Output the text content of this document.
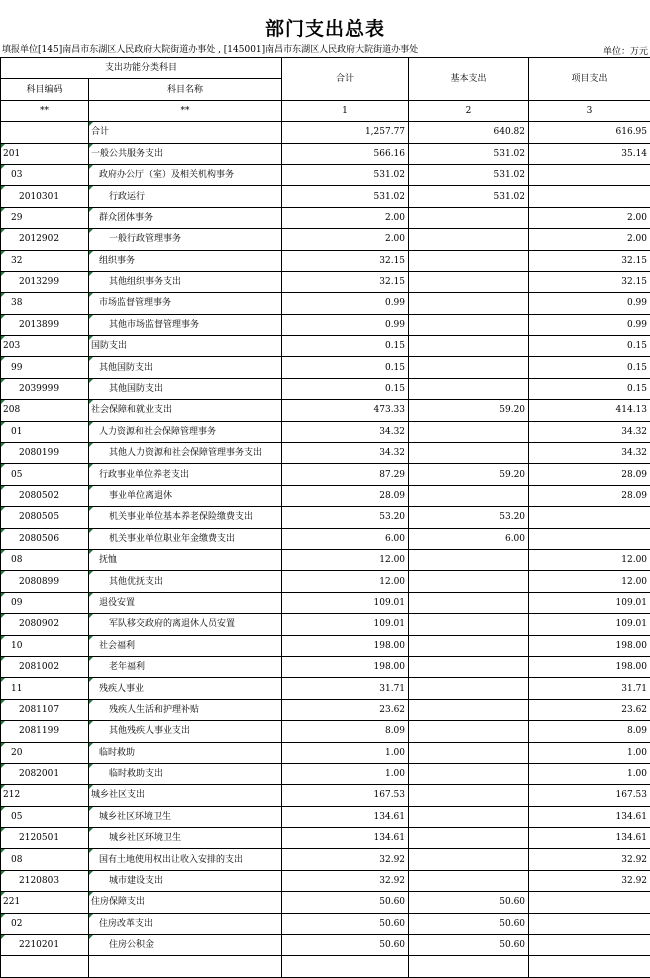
部门支出总表
填报单位[145]南昌市东湖区人民政府大院街道办事处 , [145001]南昌市东湖区人民政府大院街道办事处	单位：万元
支出功能分类科目		合计	基本支出	项目支出
科目编码	科目名称			
**	**	1	2	3
	合计	1,257.77	640.82	616.95
201	一般公共服务支出	566.16	531.02	35.14
03	政府办公厅（室）及相关机构事务	531.02	531.02	
2010301	行政运行	531.02	531.02	
29	群众团体事务	2.00		2.00
2012902	一般行政管理事务	2.00		2.00
32	组织事务	32.15		32.15
2013299	其他组织事务支出	32.15		32.15
38	市场监督管理事务	0.99		0.99
2013899	其他市场监督管理事务	0.99		0.99
203	国防支出	0.15		0.15
99	其他国防支出	0.15		0.15
2039999	其他国防支出	0.15		0.15
208	社会保障和就业支出	473.33	59.20	414.13
01	人力资源和社会保障管理事务	34.32		34.32
2080199	其他人力资源和社会保障管理事务支出	34.32		34.32
05	行政事业单位养老支出	87.29	59.20	28.09
2080502	事业单位离退休	28.09		28.09
2080505	机关事业单位基本养老保险缴费支出	53.20	53.20	
2080506	机关事业单位职业年金缴费支出	6.00	6.00	
08	抚恤	12.00		12.00
2080899	其他优抚支出	12.00		12.00
09	退役安置	109.01		109.01
2080902	军队移交政府的离退休人员安置	109.01		109.01
10	社会福利	198.00		198.00
2081002	老年福利	198.00		198.00
11	残疾人事业	31.71		31.71
2081107	残疾人生活和护理补贴	23.62		23.62
2081199	其他残疾人事业支出	8.09		8.09
20	临时救助	1.00		1.00
2082001	临时救助支出	1.00		1.00
212	城乡社区支出	167.53		167.53
05	城乡社区环境卫生	134.61		134.61
2120501	城乡社区环境卫生	134.61		134.61
08	国有土地使用权出让收入安排的支出	32.92		32.92
2120803	城市建设支出	32.92		32.92
221	住房保障支出	50.60	50.60	
02	住房改革支出	50.60	50.60	
2210201	住房公积金	50.60	50.60	
